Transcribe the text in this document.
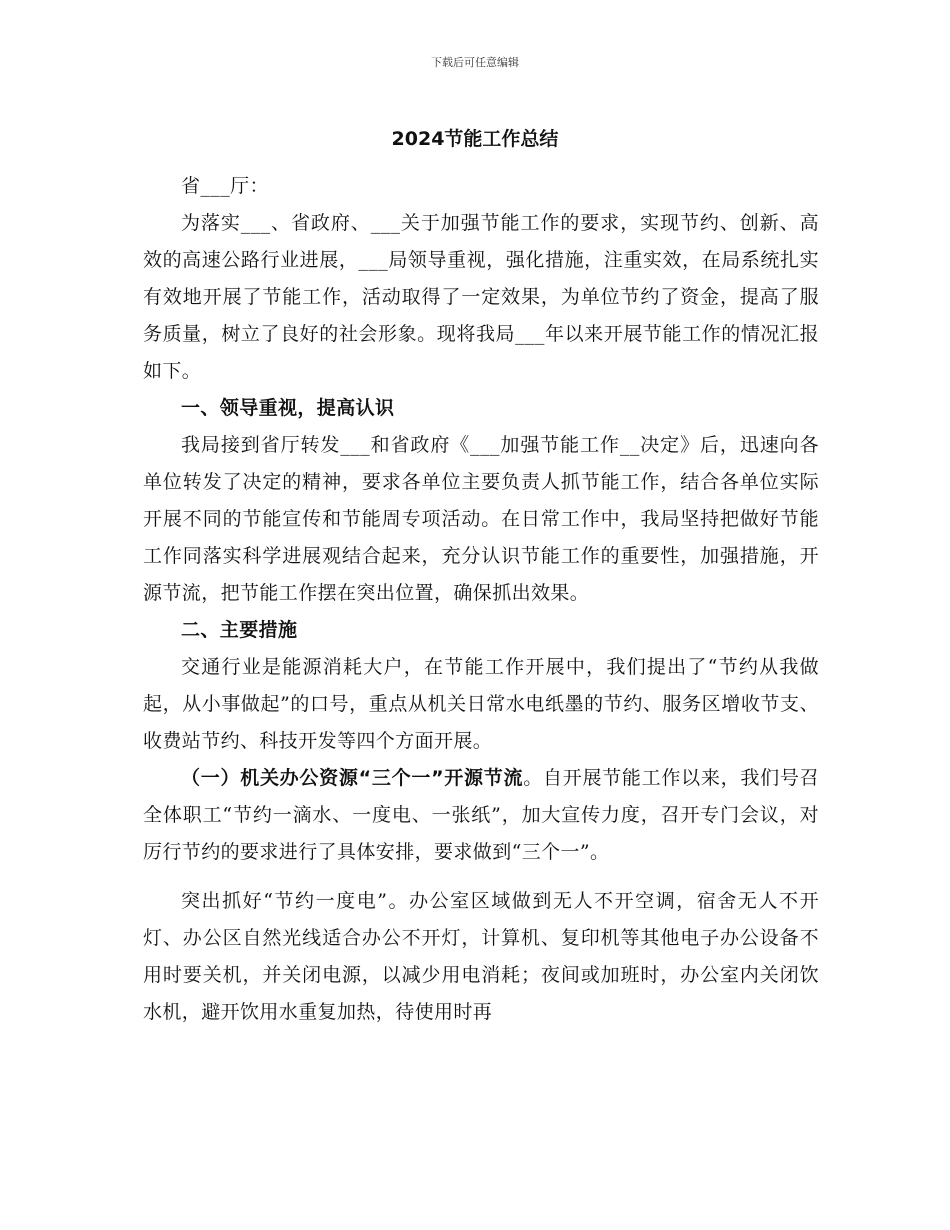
下载后可任意编辑
2024节能工作总结

省___厅：

为落实___、省政府、___关于加强节能工作的要求，实现节约、创新、高效的高速公路行业进展，___局领导重视，强化措施，注重实效，在局系统扎实有效地开展了节能工作，活动取得了一定效果，为单位节约了资金，提高了服务质量，树立了良好的社会形象。现将我局___年以来开展节能工作的情况汇报如下。

一、领导重视，提高认识

我局接到省厅转发___和省政府《___加强节能工作__决定》后，迅速向各单位转发了决定的精神，要求各单位主要负责人抓节能工作，结合各单位实际开展不同的节能宣传和节能周专项活动。在日常工作中，我局坚持把做好节能工作同落实科学进展观结合起来，充分认识节能工作的重要性，加强措施，开源节流，把节能工作摆在突出位置，确保抓出效果。

二、主要措施

交通行业是能源消耗大户，在节能工作开展中，我们提出了“节约从我做起，从小事做起”的口号，重点从机关日常水电纸墨的节约、服务区增收节支、收费站节约、科技开发等四个方面开展。

（一）机关办公资源“三个一”开源节流。自开展节能工作以来，我们号召全体职工“节约一滴水、一度电、一张纸”，加大宣传力度，召开专门会议，对厉行节约的要求进行了具体安排，要求做到“三个一”。

突出抓好“节约一度电”。办公室区域做到无人不开空调，宿舍无人不开灯、办公区自然光线适合办公不开灯，计算机、复印机等其他电子办公设备不用时要关机，并关闭电源，以减少用电消耗；夜间或加班时，办公室内关闭饮水机，避开饮用水重复加热，待使用时再
